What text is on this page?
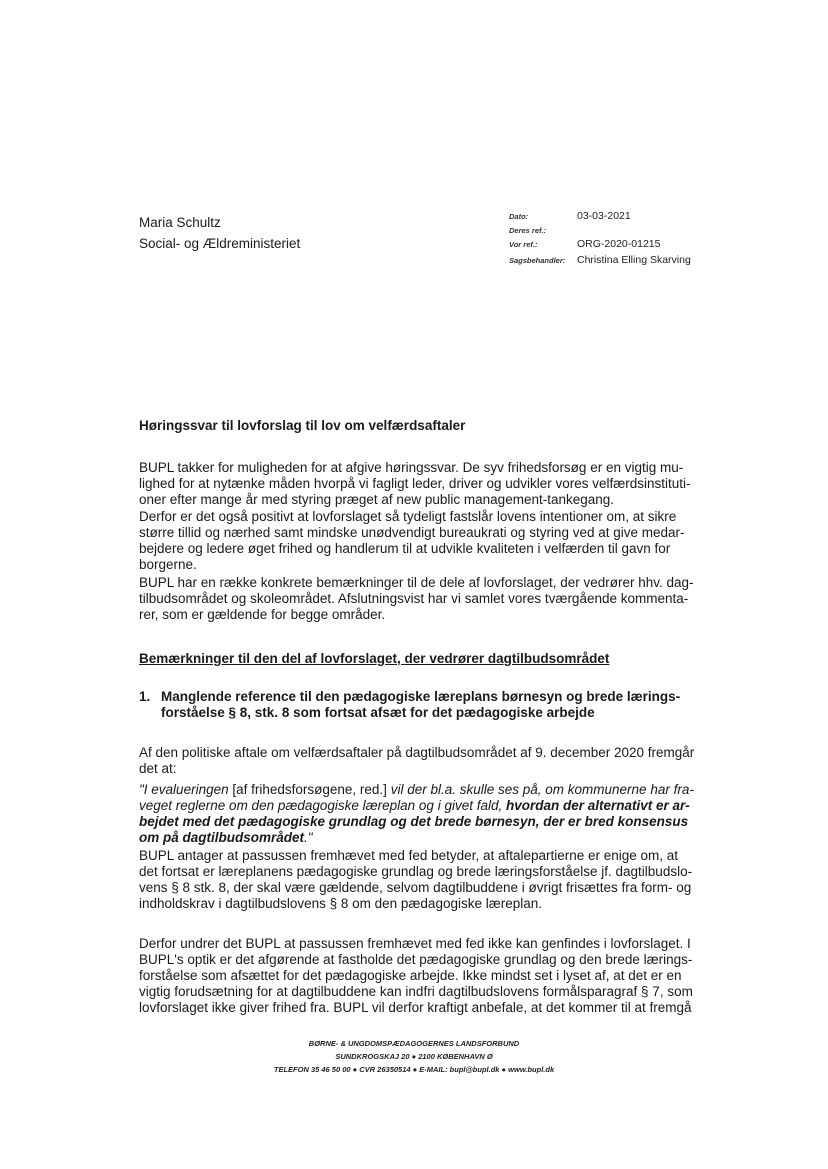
Maria Schultz
Social- og Ældreministeriet
Dato:	03-03-2021
Deres ref.:
Vor ref.:	ORG-2020-01215
Sagsbehandler:	Christina Elling Skarving
Høringssvar til lovforslag til lov om velfærdsaftaler

BUPL takker for muligheden for at afgive høringssvar. De syv frihedsforsøg er en vigtig mu-lighed for at nytænke måden hvorpå vi fagligt leder, driver og udvikler vores velfærdsinstituti-oner efter mange år med styring præget af new public management-tankegang.

Derfor er det også positivt at lovforslaget så tydeligt fastslår lovens intentioner om, at sikre større tillid og nærhed samt mindske unødvendigt bureaukrati og styring ved at give medar-bejdere og ledere øget frihed og handlerum til at udvikle kvaliteten i velfærden til gavn for borgerne.

BUPL har en række konkrete bemærkninger til de dele af lovforslaget, der vedrører hhv. dag-tilbudsområdet og skoleområdet. Afslutningsvist har vi samlet vores tværgående kommenta-rer, som er gældende for begge områder.

Bemærkninger til den del af lovforslaget, der vedrører dagtilbudsområdet
1. Manglende reference til den pædagogiske læreplans børnesyn og brede lærings-forståelse § 8, stk. 8 som fortsat afsæt for det pædagogiske arbejde

Af den politiske aftale om velfærdsaftaler på dagtilbudsområdet af 9. december 2020 fremgår det at:

"I evalueringen [af frihedsforsøgene, red.] vil der bl.a. skulle ses på, om kommunerne har fra-veget reglerne om den pædagogiske læreplan og i givet fald, hvordan der alternativt er ar-bejdet med det pædagogiske grundlag og det brede børnesyn, der er bred konsensus om på dagtilbudsområdet."

BUPL antager at passussen fremhævet med fed betyder, at aftalepartierne er enige om, at det fortsat er læreplanens pædagogiske grundlag og brede læringsforståelse jf. dagtilbudslo-vens § 8 stk. 8, der skal være gældende, selvom dagtilbuddene i øvrigt frisættes fra form- og indholdskrav i dagtilbudslovens § 8 om den pædagogiske læreplan.

Derfor undrer det BUPL at passussen fremhævet med fed ikke kan genfindes i lovforslaget. I BUPL's optik er det afgørende at fastholde det pædagogiske grundlag og den brede lærings-forståelse som afsættet for det pædagogiske arbejde. Ikke mindst set i lyset af, at det er en vigtig forudsætning for at dagtilbuddene kan indfri dagtilbudslovens formålsparagraf § 7, som lovforslaget ikke giver frihed fra. BUPL vil derfor kraftigt anbefale, at det kommer til at fremgå

BØRNE- & UNGDOMSPÆDAGOGERNES LANDSFORBUND
SUNDKROGSKAJ 20 ● 2100 KØBENHAVN Ø
TELEFON 35 46 50 00 ● CVR 26350514 ● E-MAIL: bupl@bupl.dk ● www.bupl.dk
